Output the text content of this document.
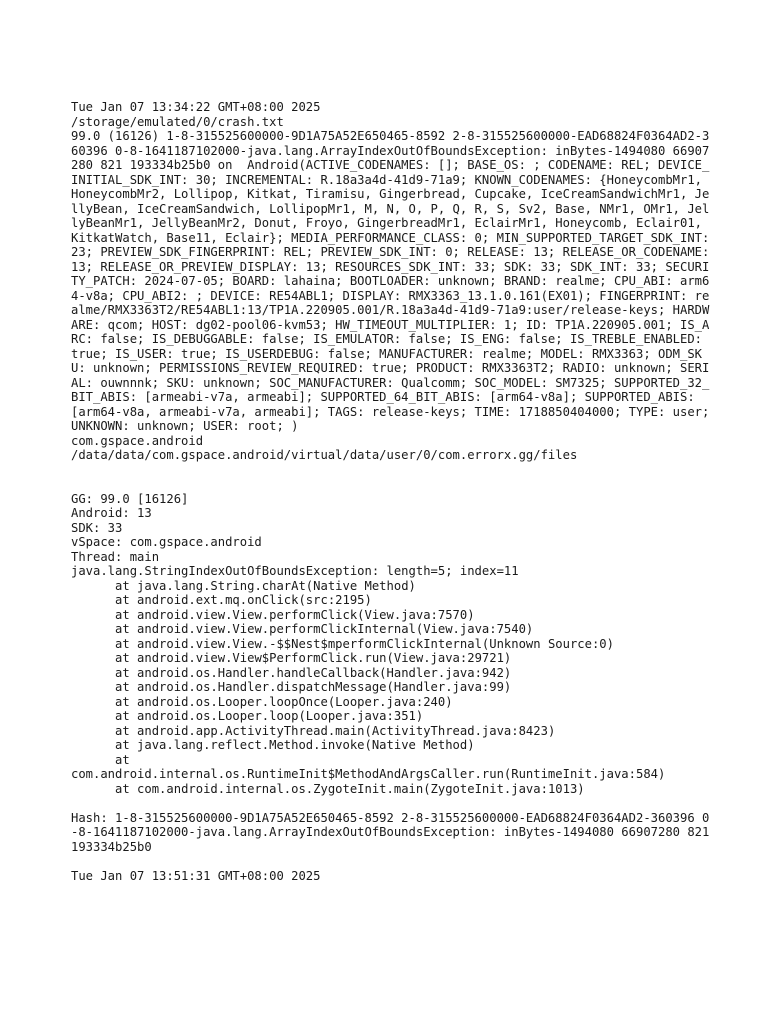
Tue Jan 07 13:34:22 GMT+08:00 2025
/storage/emulated/0/crash.txt
99.0 (16126) 1-8-315525600000-9D1A75A52E650465-8592 2-8-315525600000-EAD68824F0364AD2-360396 0-8-1641187102000-java.lang.ArrayIndexOutOfBoundsException: inBytes-1494080 66907280 821 193334b25b0 on  Android(ACTIVE_CODENAMES: []; BASE_OS: ; CODENAME: REL; DEVICE_INITIAL_SDK_INT: 30; INCREMENTAL: R.18a3a4d-41d9-71a9; KNOWN_CODENAMES: {HoneycombMr1, HoneycombMr2, Lollipop, Kitkat, Tiramisu, Gingerbread, Cupcake, IceCreamSandwichMr1, JellyBean, IceCreamSandwich, LollipopMr1, M, N, O, P, Q, R, S, Sv2, Base, NMr1, OMr1, JellyBeanMr1, JellyBeanMr2, Donut, Froyo, GingerbreadMr1, EclairMr1, Honeycomb, Eclair01, KitkatWatch, Base11, Eclair}; MEDIA_PERFORMANCE_CLASS: 0; MIN_SUPPORTED_TARGET_SDK_INT: 23; PREVIEW_SDK_FINGERPRINT: REL; PREVIEW_SDK_INT: 0; RELEASE: 13; RELEASE_OR_CODENAME: 13; RELEASE_OR_PREVIEW_DISPLAY: 13; RESOURCES_SDK_INT: 33; SDK: 33; SDK_INT: 33; SECURITY_PATCH: 2024-07-05; BOARD: lahaina; BOOTLOADER: unknown; BRAND: realme; CPU_ABI: arm64-v8a; CPU_ABI2: ; DEVICE: RE54ABL1; DISPLAY: RMX3363_13.1.0.161(EX01); FINGERPRINT: realme/RMX3363T2/RE54ABL1:13/TP1A.220905.001/R.18a3a4d-41d9-71a9:user/release-keys; HARDWARE: qcom; HOST: dg02-pool06-kvm53; HW_TIMEOUT_MULTIPLIER: 1; ID: TP1A.220905.001; IS_ARC: false; IS_DEBUGGABLE: false; IS_EMULATOR: false; IS_ENG: false; IS_TREBLE_ENABLED: true; IS_USER: true; IS_USERDEBUG: false; MANUFACTURER: realme; MODEL: RMX3363; ODM_SKU: unknown; PERMISSIONS_REVIEW_REQUIRED: true; PRODUCT: RMX3363T2; RADIO: unknown; SERIAL: ouwnnnk; SKU: unknown; SOC_MANUFACTURER: Qualcomm; SOC_MODEL: SM7325; SUPPORTED_32_BIT_ABIS: [armeabi-v7a, armeabi]; SUPPORTED_64_BIT_ABIS: [arm64-v8a]; SUPPORTED_ABIS: [arm64-v8a, armeabi-v7a, armeabi]; TAGS: release-keys; TIME: 1718850404000; TYPE: user; UNKNOWN: unknown; USER: root; )
com.gspace.android
/data/data/com.gspace.android/virtual/data/user/0/com.errorx.gg/files
GG: 99.0 [16126]
Android: 13
SDK: 33
vSpace: com.gspace.android
Thread: main
java.lang.StringIndexOutOfBoundsException: length=5; index=11
at java.lang.String.charAt(Native Method)
at android.ext.mq.onClick(src:2195)
at android.view.View.performClick(View.java:7570)
at android.view.View.performClickInternal(View.java:7540)
at android.view.View.-$$Nest$mperformClickInternal(Unknown Source:0)
at android.view.View$PerformClick.run(View.java:29721)
at android.os.Handler.handleCallback(Handler.java:942)
at android.os.Handler.dispatchMessage(Handler.java:99)
at android.os.Looper.loopOnce(Looper.java:240)
at android.os.Looper.loop(Looper.java:351)
at android.app.ActivityThread.main(ActivityThread.java:8423)
at java.lang.reflect.Method.invoke(Native Method)
at
com.android.internal.os.RuntimeInit$MethodAndArgsCaller.run(RuntimeInit.java:584)
at com.android.internal.os.ZygoteInit.main(ZygoteInit.java:1013)
Hash: 1-8-315525600000-9D1A75A52E650465-8592 2-8-315525600000-EAD68824F0364AD2-360396 0-8-1641187102000-java.lang.ArrayIndexOutOfBoundsException: inBytes-1494080 66907280 821 193334b25b0
Tue Jan 07 13:51:31 GMT+08:00 2025
